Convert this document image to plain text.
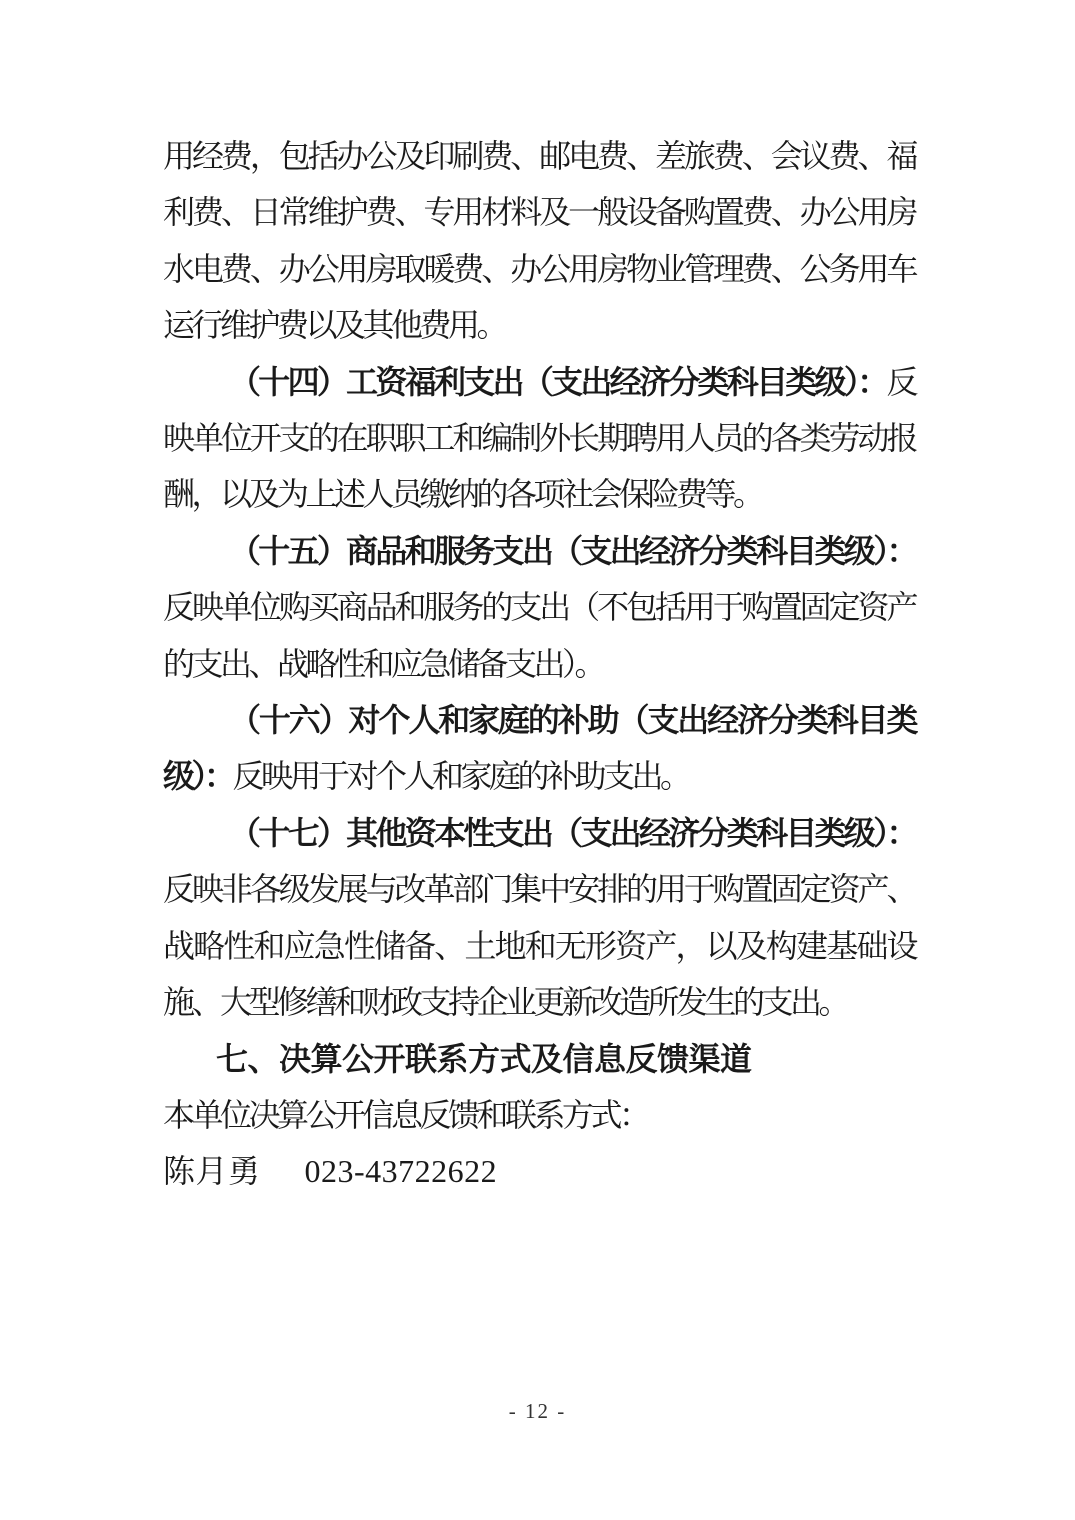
用经费，包括办公及印刷费、邮电费、差旅费、会议费、福利费、日常维护费、专用材料及一般设备购置费、办公用房水电费、办公用房取暖费、办公用房物业管理费、公务用车运行维护费以及其他费用。

（十四）工资福利支出（支出经济分类科目类级）：反映单位开支的在职职工和编制外长期聘用人员的各类劳动报酬，以及为上述人员缴纳的各项社会保险费等。

（十五）商品和服务支出（支出经济分类科目类级）：反映单位购买商品和服务的支出（不包括用于购置固定资产的支出、战略性和应急储备支出）。

（十六）对个人和家庭的补助（支出经济分类科目类级）：反映用于对个人和家庭的补助支出。

（十七）其他资本性支出（支出经济分类科目类级）：反映非各级发展与改革部门集中安排的用于购置固定资产、战略性和应急性储备、土地和无形资产，以及构建基础设施、大型修缮和财政支持企业更新改造所发生的支出。

七、决算公开联系方式及信息反馈渠道

本单位决算公开信息反馈和联系方式：

陈月勇 023-43722622

- 12 -
